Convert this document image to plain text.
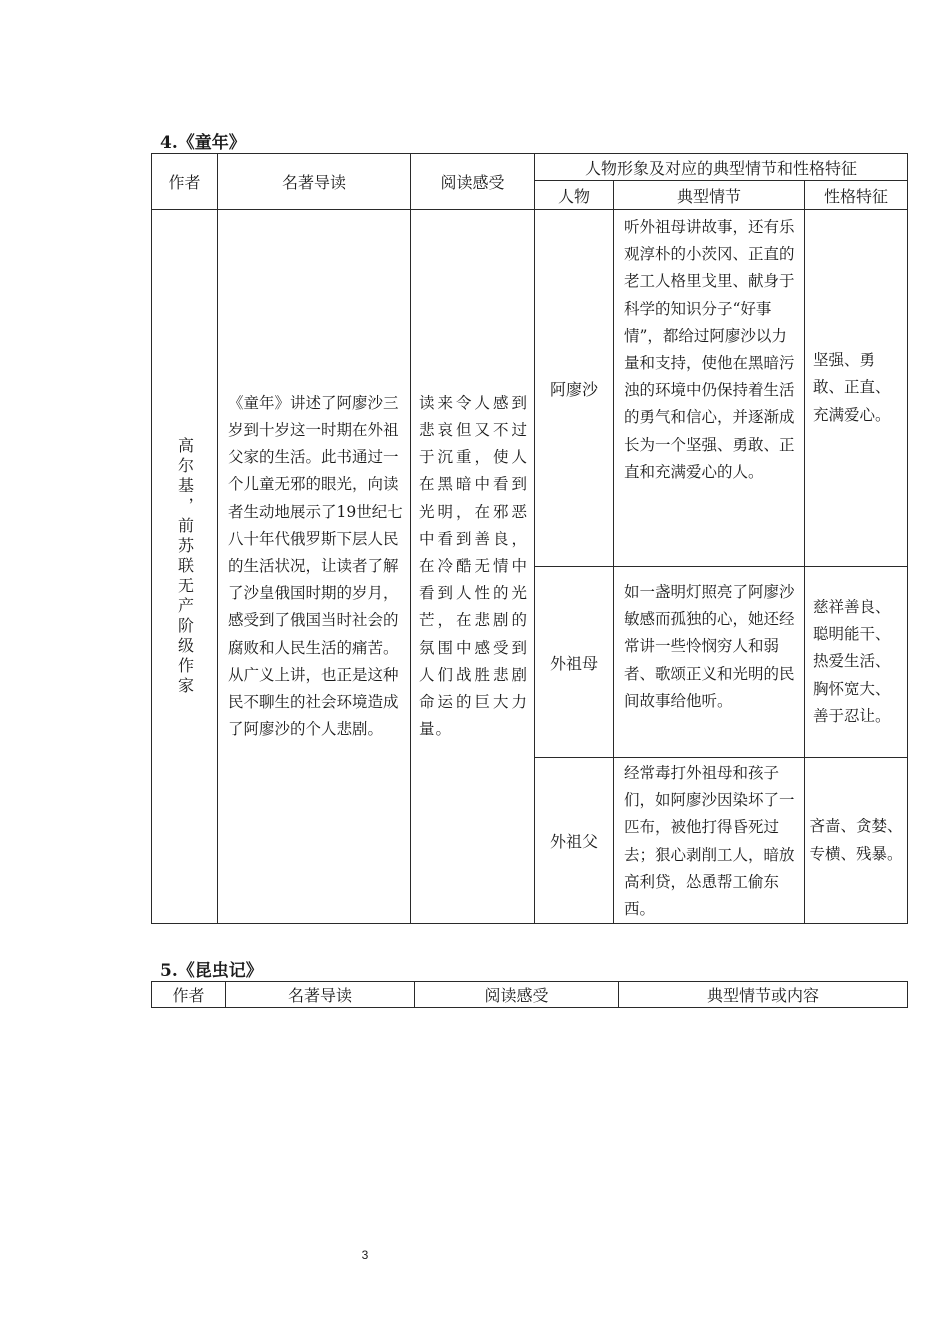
4.《童年》
作者	名著导读	阅读感受	人物形象及对应的典型情节和性格特征		
			人物	典型情节	性格特征

高尔基，前苏联无产阶级作家	《童年》讲述了阿廖沙三岁到十岁这一时期在外祖父家的生活。此书通过一个儿童无邪的眼光，向读者生动地展示了19世纪七八十年代俄罗斯下层人民的生活状况，让读者了解了沙皇俄国时期的岁月，感受到了俄国当时社会的腐败和人民生活的痛苦。从广义上讲，也正是这种民不聊生的社会环境造成了阿廖沙的个人悲剧。	读来令人感到悲哀但又不过于沉重，使人在黑暗中看到光明，在邪恶中看到善良，在冷酷无情中看到人性的光芒，在悲剧的氛围中感受到人们战胜悲剧命运的巨大力量。	阿廖沙	听外祖母讲故事，还有乐观淳朴的小茨冈、正直的老工人格里戈里、献身于科学的知识分子“好事情”，都给过阿廖沙以力量和支持，使他在黑暗污浊的环境中仍保持着生活的勇气和信心，并逐渐成长为一个坚强、勇敢、正直和充满爱心的人。	坚强、勇敢、正直、充满爱心。
			外祖母	如一盏明灯照亮了阿廖沙敏感而孤独的心，她还经常讲一些怜悯穷人和弱者、歌颂正义和光明的民间故事给他听。	慈祥善良、聪明能干、热爱生活、胸怀宽大、善于忍让。
			外祖父	经常毒打外祖母和孩子们，如阿廖沙因染坏了一匹布，被他打得昏死过去；狠心剥削工人，暗放高利贷，怂恿帮工偷东西。	吝啬、贪婪、专横、残暴。
5.《昆虫记》
作者	名著导读	阅读感受	典型情节或内容
3
